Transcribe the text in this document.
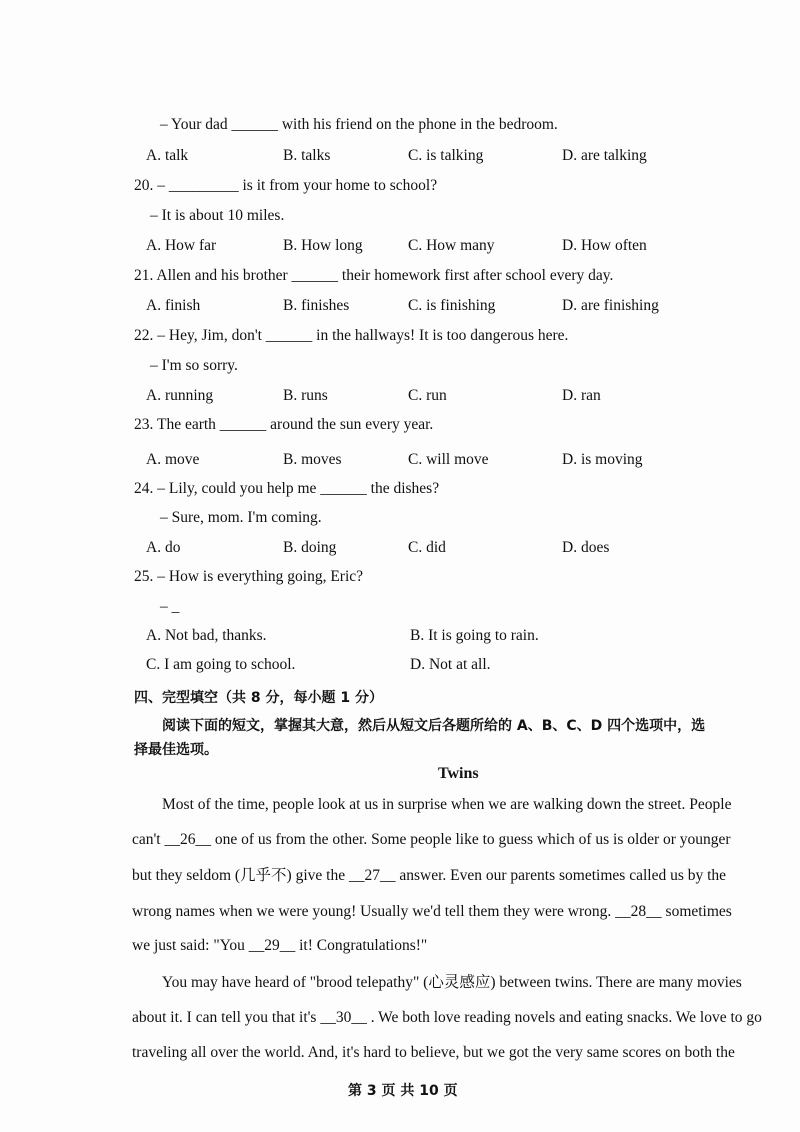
– Your dad ______ with his friend on the phone in the bedroom.
A. talk	B. talks	C. is talking	D. are talking
20. – _________ is it from your home to school?
– It is about 10 miles.
A. How far	B. How long	C. How many	D. How often
21. Allen and his brother ______ their homework first after school every day.
A. finish	B. finishes	C. is finishing	D. are finishing
22. – Hey, Jim, don't ______ in the hallways! It is too dangerous here.
– I'm so sorry.
A. running	B. runs	C. run	D. ran
23. The earth ______ around the sun every year.
A. move	B. moves	C. will move	D. is moving
24. – Lily, could you help me ______ the dishes?
– Sure, mom. I'm coming.
A. do	B. doing	C. did	D. does
25. – How is everything going, Eric?
– _
A. Not bad, thanks.	B. It is going to rain.
C. I am going to school.	D. Not at all.
四、完型填空（共 8 分，每小题 1 分）
阅读下面的短文，掌握其大意，然后从短文后各题所给的 A、B、C、D 四个选项中，选
择最佳选项。
Twins
Most of the time, people look at us in surprise when we are walking down the street. People
can't __26__ one of us from the other. Some people like to guess which of us is older or younger
but they seldom (几乎不) give the __27__ answer. Even our parents sometimes called us by the
wrong names when we were young! Usually we'd tell them they were wrong. __28__ sometimes
we just said: "You __29__ it! Congratulations!"
You may have heard of "brood telepathy" (心灵感应) between twins. There are many movies
about it. I can tell you that it's __30__ . We both love reading novels and eating snacks. We love to go
traveling all over the world. And, it's hard to believe, but we got the very same scores on both the
第 3 页 共 10 页
